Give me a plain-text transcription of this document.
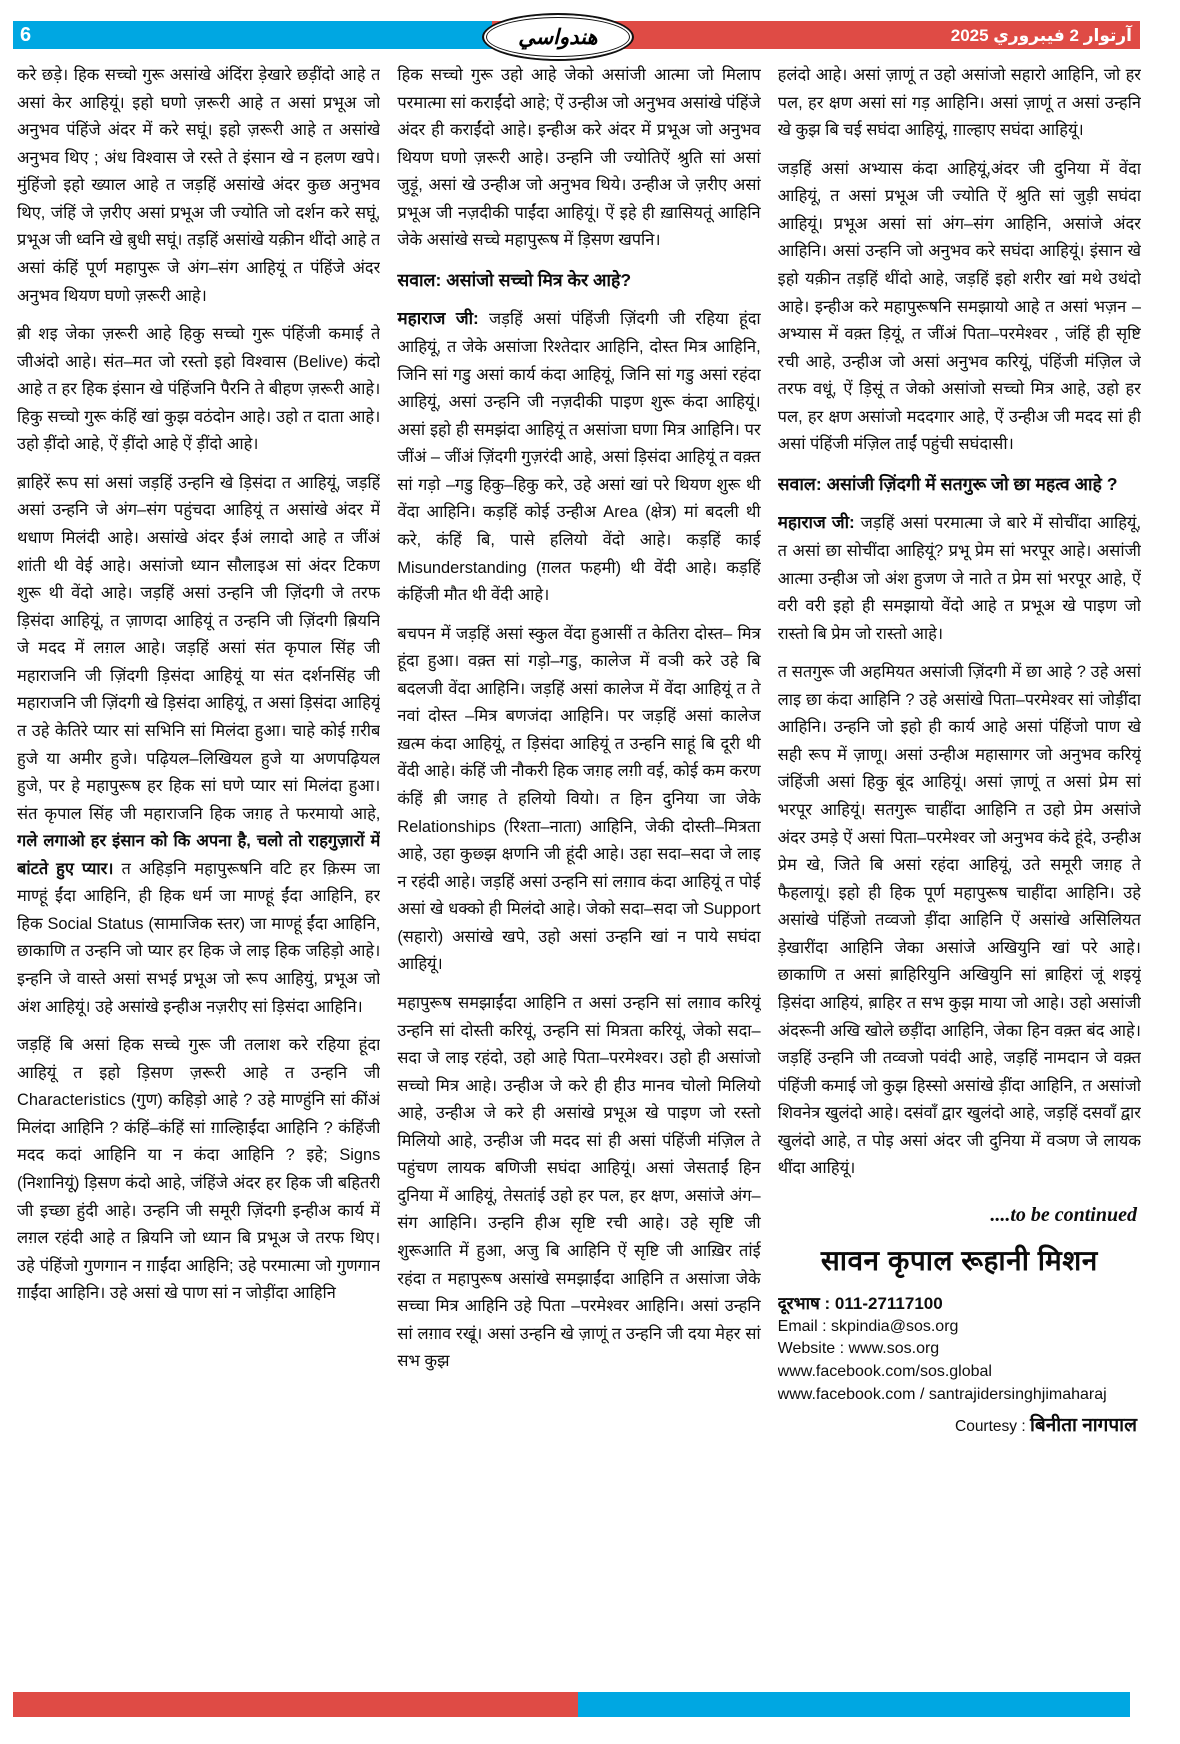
6	آرتوار 2 فيبروري 2025
هندواسي

करे छड़े। हिक सच्चो गुरू असांखे अंदिंरा ड़ेखारे छड़ींदो आहे त असां केर आहियूं। इहो घणो ज़रूरी आहे त असां प्रभूअ जो अनुभव पंहिंजे अंदर में करे सघूं। इहो ज़रूरी आहे त असांखे अनुभव थिए ; अंध विश्वास जे रस्ते ते इंसान खे न हलण खपे। मुंहिंजो इहो ख्याल आहे त जड़हिं असांखे अंदर कुछ अनुभव थिए, जंहिं जे ज़रीए असां प्रभूअ जी ज्योति जो दर्शन करे सघूं, प्रभूअ जी ध्वनि खे ब़ुधी सघूं। तड़हिं असांखे यक़ीन थींदो आहे त असां कंहिं पूर्ण महापुरू जे अंग–संग आहियूं त पंहिंजे अंदर अनुभव थियण घणो ज़रूरी आहे।

ब़ी शइ जेका ज़रूरी आहे हिकु सच्चो गुरू पंहिंजी कमाई ते जीअंदो आहे। संत–मत जो रस्तो इहो विश्वास (Belive) कंदो आहे त हर हिक इंसान खे पंहिंजनि पैरनि ते बीहण ज़रूरी आहे। हिकु सच्चो गुरू कंहिं खां कुझ वठंदोन आहे। उहो त दाता आहे। उहो ड़ींदो आहे, ऐं ड़ींदो आहे ऐं ड़ींदो आहे।

ब़ाहिरें रूप सां असां जड़हिं उन्हनि खे ड़िसंदा त आहियूं, जड़हिं असां उन्हनि जे अंग–संग पहुंचदा आहियूं त असांखे अंदर में थधाण मिलंदी आहे। असांखे अंदर ईंअं लग़दो आहे त जींअं शांती थी वेई आहे। असांजो ध्यान सौलाइअ सां अंदर टिकण शुरू थी वेंदो आहे। जड़हिं असां उन्हनि जी ज़िंदगी जे तरफ ड़िसंदा आहियूं, त ज़ाणदा आहियूं त उन्हनि जी ज़िंदगी ब़ियनि जे मदद में लग़ल आहे। जड़हिं असां संत कृपाल सिंह जी महाराजनि जी ज़िंदगी ड़िसंदा आहियूं या संत दर्शनसिंह जी महाराजनि जी ज़िंदगी खे ड़िसंदा आहियूं, त असां ड़िसंदा आहियूं त उहे केतिरे प्यार सां सभिनि सां मिलंदा हुआ। चाहे कोई ग़रीब हुजे या अमीर हुजे। पढ़ियल–लिखियल हुजे या अणपढ़ियल हुजे, पर हे महापुरूष हर हिक सां घणे प्यार सां मिलंदा हुआ। संत कृपाल सिंह जी महाराजनि हिक जग़ह ते फरमायो आहे, गले लगाओ हर इंसान को कि अपना है, चलो तो राहगुज़ारों में बांटते हुए प्यार। त अहिड़नि महापुरूषनि वटि हर क़िस्म जा माण्हूं ईंदा आहिनि, ही हिक धर्म जा माण्हूं ईंदा आहिनि, हर हिक Social Status (सामाजिक स्तर) जा माण्हूं ईंदा आहिनि, छाकाणि त उन्हनि जो प्यार हर हिक जे लाइ हिक जहिड़ो आहे। इन्हनि जे वास्ते असां सभई प्रभूअ जो रूप आहियुं, प्रभूअ जो अंश आहियूं। उहे असांखे इन्हीअ नज़रीए सां ड़िसंदा आहिनि।

जड़हिं बि असां हिक सच्चे गुरू जी तलाश करे रहिया हूंदा आहियूं त इहो ड़िसण ज़रूरी आहे त उन्हनि जी Characteristics (गुण) कहिड़ो आहे ? उहे माण्हुंनि सां कींअं मिलंदा आहिनि ? कंहिं–कंहिं सां ग़ाल्हिाईंदा आहिनि ? कंहिंजी मदद कदां आहिनि या न कंदा आहिनि ? इहे; Signs (निशानियूं) ड़िसण कंदो आहे, जंहिंजे अंदर हर हिक जी बहितरी जी इच्छा हुंदी आहे। उन्हनि जी समूरी ज़िंदगी इन्हीअ कार्य में लग़ल रहंदी आहे त ब़ियनि जो ध्यान बि प्रभूअ जे तरफ थिए। उहे पंहिंजो गुणगान न ग़ाईंदा आहिनि; उहे परमात्मा जो गुणगान ग़ाईंदा आहिनि। उहे असां खे पाण सां न जोड़ींदा आहिनि

हिक सच्चो गुरू उहो आहे जेको असांजी आत्मा जो मिलाप परमात्मा सां कराईंदो आहे; ऐं उन्हीअ जो अनुभव असांखे पंहिंजे अंदर ही कराईंदो आहे। इन्हीअ करे अंदर में प्रभूअ जो अनुभव थियण घणो ज़रूरी आहे। उन्हनि जी ज्योतिऐं श्रुति सां असां जुड़ूं, असां खे उन्हीअ जो अनुभव थिये। उन्हीअ जे ज़रीए असां प्रभूअ जी नज़दीकी पाईंदा आहियूं। ऐं इहे ही ख़ासियतूं आहिनि जेके असांखे सच्चे महापुरूष में ड़िसण खपनि।

सवाल: असांजो सच्चो मित्र केर आहे?

महाराज जी: जड़हिं असां पंहिंजी ज़िंदगी जी रहिया हूंदा आहियूं, त जेके असांजा रिश्तेदार आहिनि, दोस्त मित्र आहिनि, जिनि सां गडु असां कार्य कंदा आहियूं, जिनि सां गडु असां रहंदा आहियूं, असां उन्हनि जी नज़दीकी पाइण शुरू कंदा आहियूं। असां इहो ही समझंदा आहियूं त असांजा घणा मित्र आहिनि। पर जींअं – जींअं ज़िंदगी गुज़रंदी आहे, असां ड़िसंदा आहियूं त वक़्त सां गड़ो –गडु हिकु–हिकु करे, उहे असां खां परे थियण शुरू थी वेंदा आहिनि। कड़हिं कोई उन्हीअ Area (क्षेत्र) मां बदली थी करे, कंहिं बि, पासे हलियो वेंदो आहे। कड़हिं काई Misunderstanding (ग़लत फहमी) थी वेंदी आहे। कड़हिं कंहिंजी मौत थी वेंदी आहे।

बचपन में जड़हिं असां स्कुल वेंदा हुआसीं त केतिरा दोस्त– मित्र हूंदा हुआ। वक़्त सां गड़ो–गडु, कालेज में वञी करे उहे बि बदलजी वेंदा आहिनि। जड़हिं असां कालेज में वेंदा आहियूं त ते नवां दोस्त –मित्र बणजंदा आहिनि। पर जड़हिं असां कालेज ख़त्म कंदा आहियूं, त ड़िसंदा आहियूं त उन्हनि साहूं बि दूरी थी वेंदी आहे। कंहिं जी नौकरी हिक जग़ह लग़ी वई, कोई कम करण कंहिं ब़ी जग़ह ते हलियो वियो। त हिन दुनिया जा जेके Relationships (रिश्ता–नाता) आहिनि, जेकी दोस्ती–मित्रता आहे, उहा कुछ्झ क्षणनि जी हूंदी आहे। उहा सदा–सदा जे लाइ न रहंदी आहे। जड़हिं असां उन्हनि सां लग़ाव कंदा आहियूं त पोई असां खे धक्को ही मिलंदो आहे। जेको सदा–सदा जो Support (सहारो) असांखे खपे, उहो असां उन्हनि खां न पाये सघंदा आहियूं।

महापुरूष समझाईंदा आहिनि त असां उन्हनि सां लग़ाव करियूं उन्हनि सां दोस्ती करियूं, उन्हनि सां मित्रता करियूं, जेको सदा–सदा जे लाइ रहंदो, उहो आहे पिता–परमेश्वर। उहो ही असांजो सच्चो मित्र आहे। उन्हीअ जे करे ही हीउ मानव चोलो मिलियो आहे, उन्हीअ जे करे ही असांखे प्रभूअ खे पाइण जो रस्तो मिलियो आहे, उन्हीअ जी मदद सां ही असां पंहिंजी मंज़िल ते पहुंचण लायक बणिजी सघंदा आहियूं। असां जेसताईं हिन दुनिया में आहियूं, तेसतांई उहो हर पल, हर क्षण, असांजे अंग–संग आहिनि। उन्हनि हीअ सृष्टि रची आहे। उहे सृष्टि जी शुरूआति में हुआ, अजु बि आहिनि ऐं सृष्टि जी आख़िर तांई रहंदा त महापुरूष असांखे समझाईंदा आहिनि त असांजा जेके सच्चा मित्र आहिनि उहे पिता –परमेश्वर आहिनि। असां उन्हनि सां लग़ाव रखूं। असां उन्हनि खे ज़ाणूं त उन्हनि जी दया मेहर सां सभ कुझ

हलंदो आहे। असां ज़ाणूं त उहो असांजो सहारो आहिनि, जो हर पल, हर क्षण असां सां गड़ आहिनि। असां ज़ाणूं त असां उन्हनि खे कुझ बि चई सघंदा आहियूं, ग़ाल्हाए सघंदा आहियूं।

जड़हिं असां अभ्यास कंदा आहियूं,अंदर जी दुनिया में वेंदा आहियूं, त असां प्रभूअ जी ज्योति ऐं श्रुति सां जुड़ी सघंदा आहियूं। प्रभूअ असां सां अंग–संग आहिनि, असांजे अंदर आहिनि। असां उन्हनि जो अनुभव करे सघंदा आहियूं। इंसान खे इहो यक़ीन तड़हिं थींदो आहे, जड़हिं इहो शरीर खां मथे उथंदो आहे। इन्हीअ करे महापुरूषनि समझायो आहे त असां भज़न –अभ्यास में वक़्त ड़ियूं, त जींअं पिता–परमेश्वर , जंहिं ही सृष्टि रची आहे, उन्हीअ जो असां अनुभव करियूं, पंहिंजी मंज़िल जे तरफ वधूं, ऐं ड़िसूं त जेको असांजो सच्चो मित्र आहे, उहो हर पल, हर क्षण असांजो मददगार आहे, ऐं उन्हीअ जी मदद सां ही असां पंहिंजी मंज़िल ताईं पहुंची सघंदासी।

सवाल: असांजी ज़िंदगी में सतगुरू जो छा महत्व आहे ?

महाराज जी: जड़हिं असां परमात्मा जे बारे में सोचींदा आहियूं, त असां छा सोचींदा आहियूं? प्रभू प्रेम सां भरपूर आहे। असांजी आत्मा उन्हीअ जो अंश हुजण जे नाते त प्रेम सां भरपूर आहे, ऐं वरी वरी इहो ही समझायो वेंदो आहे त प्रभूअ खे पाइण जो रास्तो बि प्रेम जो रास्तो आहे।

त सतगुरू जी अहमियत असांजी ज़िंदगी में छा आहे ? उहे असां लाइ छा कंदा आहिनि ? उहे असांखे पिता–परमेश्वर सां जोड़ींदा आहिनि। उन्हनि जो इहो ही कार्य आहे असां पंहिंजो पाण खे सही रूप में ज़ाणू। असां उन्हीअ महासागर जो अनुभव करियूं जंहिंजी असां हिकु बूंद आहियूं। असां ज़ाणूं त असां प्रेम सां भरपूर आहियूं। सतगुरू चाहींदा आहिनि त उहो प्रेम असांजे अंदर उमड़े ऐं असां पिता–परमेश्वर जो अनुभव कंदे हूंदे, उन्हीअ प्रेम खे, जिते बि असां रहंदा आहियूं, उते समूरी जग़ह ते फैहलायूं। इहो ही हिक पूर्ण महापुरूष चाहींदा आहिनि। उहे असांखे पंहिंजो तव्वजो ड़ींदा आहिनि ऐं असांखे असिलियत ड़ेखारींदा आहिनि जेका असांजे अखियुनि खां परे आहे। छाकाणि त असां ब़ाहिरियुनि अखियुनि सां ब़ाहिरां जूं शइयूं ड़िसंदा आहियं, ब़ाहिर त सभ कुझ माया जो आहे। उहो असांजी अंदरूनी अखि खोले छड़ींदा आहिनि, जेका हिन वक़्त बंद आहे। जड़हिं उन्हनि जी तव्वजो पवंदी आहे, जड़हिं नामदान जे वक़्त पंहिंजी कमाई जो कुझ हिस्सो असांखे ड़ींदा आहिनि, त असांजो शिवनेत्र खुलंदो आहे। दसंवाँ द्वार खुलंदो आहे, जड़हिं दसवाँ द्वार खुलंदो आहे, त पोइ असां अंदर जी दुनिया में वञण जे लायक थींदा आहियूं।

....to be continued
सावन कृपाल रूहानी मिशन
दूरभाष : 011-27117100
Email : skpindia@sos.org
Website : www.sos.org
www.facebook.com/sos.global
www.facebook.com / santrajidersinghjimaharaj
Courtesy : बिनीता नागपाल
